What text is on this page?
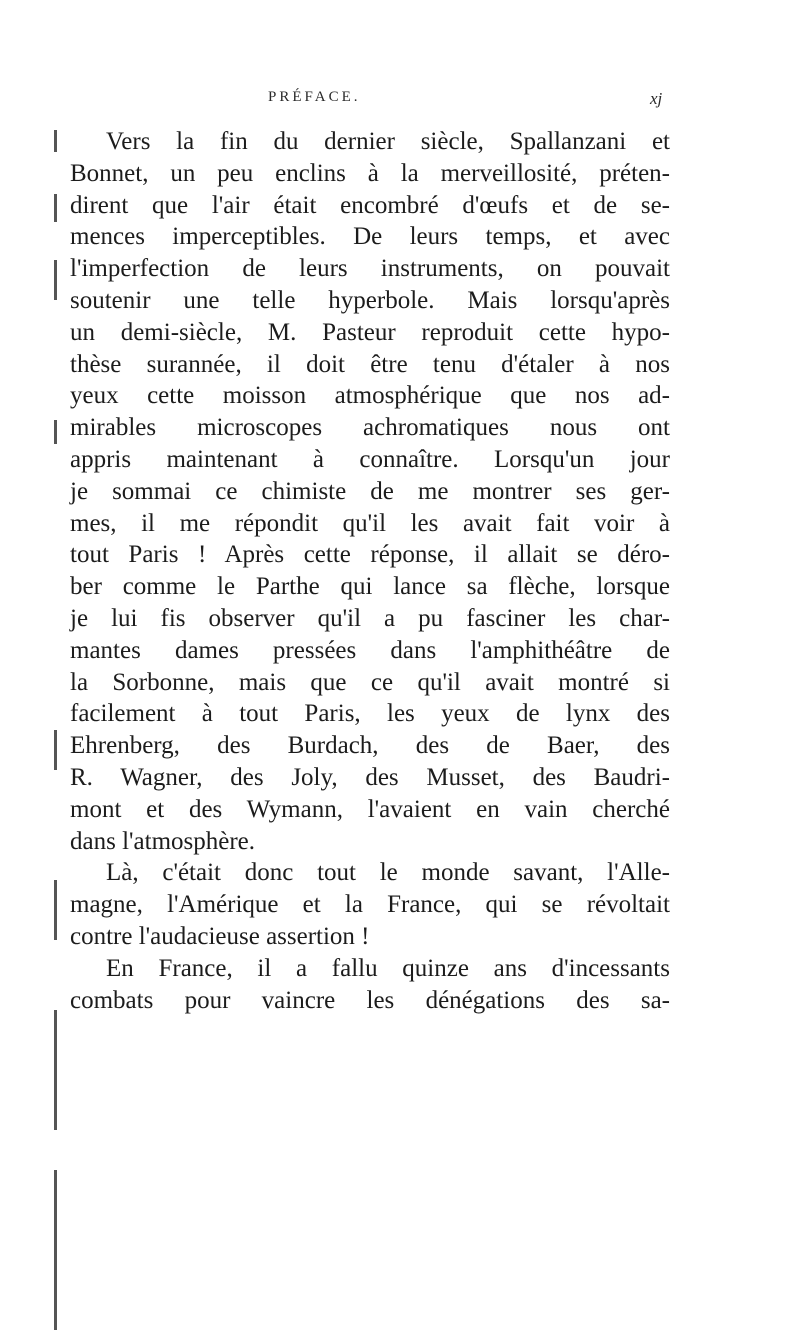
PRÉFACE.	xj
Vers la fin du dernier siècle, Spallanzani et
Bonnet, un peu enclins à la merveillosité, préten-
dirent que l'air était encombré d'œufs et de se-
mences imperceptibles. De leurs temps, et avec
l'imperfection de leurs instruments, on pouvait
soutenir une telle hyperbole. Mais lorsqu'après
un demi-siècle, M. Pasteur reproduit cette hypo-
thèse surannée, il doit être tenu d'étaler à nos
yeux cette moisson atmosphérique que nos ad-
mirables microscopes achromatiques nous ont
appris maintenant à connaître. Lorsqu'un jour
je sommai ce chimiste de me montrer ses ger-
mes, il me répondit qu'il les avait fait voir à
tout Paris ! Après cette réponse, il allait se déro-
ber comme le Parthe qui lance sa flèche, lorsque
je lui fis observer qu'il a pu fasciner les char-
mantes dames pressées dans l'amphithéâtre de
la Sorbonne, mais que ce qu'il avait montré si
facilement à tout Paris, les yeux de lynx des
Ehrenberg, des Burdach, des de Baer, des
R. Wagner, des Joly, des Musset, des Baudri-
mont et des Wymann, l'avaient en vain cherché
dans l'atmosphère.
Là, c'était donc tout le monde savant, l'Alle-
magne, l'Amérique et la France, qui se révoltait
contre l'audacieuse assertion !
En France, il a fallu quinze ans d'incessants
combats pour vaincre les dénégations des sa-
